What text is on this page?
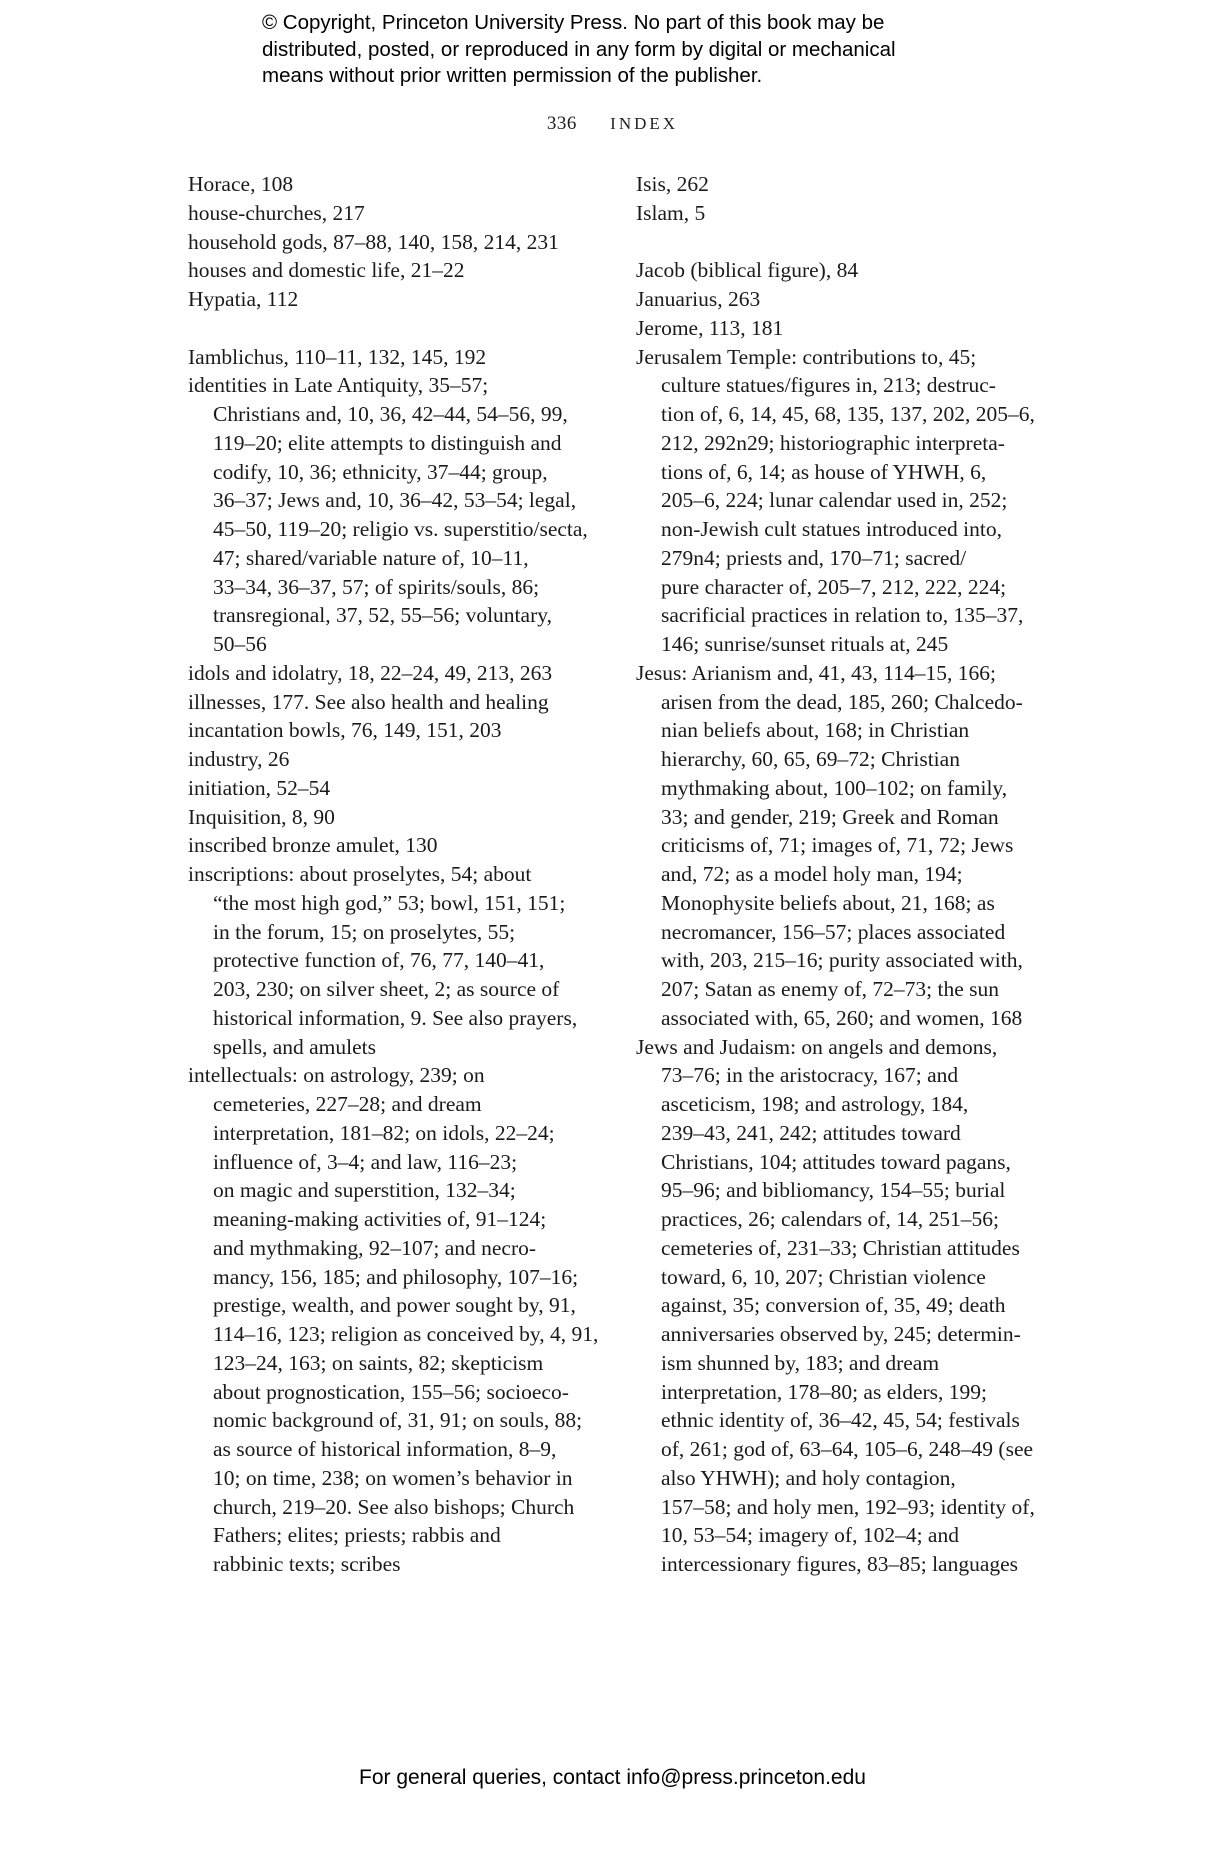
© Copyright, Princeton University Press. No part of this book may be
distributed, posted, or reproduced in any form by digital or mechanical
means without prior written permission of the publisher.
336 INDEX
Horace, 108
house-churches, 217
household gods, 87–88, 140, 158, 214, 231
houses and domestic life, 21–22
Hypatia, 112
Iamblichus, 110–11, 132, 145, 192
identities in Late Antiquity, 35–57;
Christians and, 10, 36, 42–44, 54–56, 99,
119–20; elite attempts to distinguish and
codify, 10, 36; ethnicity, 37–44; group,
36–37; Jews and, 10, 36–42, 53–54; legal,
45–50, 119–20; religio vs. superstitio/secta,
47; shared/variable nature of, 10–11,
33–34, 36–37, 57; of spirits/souls, 86;
transregional, 37, 52, 55–56; voluntary,
50–56
idols and idolatry, 18, 22–24, 49, 213, 263
illnesses, 177. See also health and healing
incantation bowls, 76, 149, 151, 203
industry, 26
initiation, 52–54
Inquisition, 8, 90
inscribed bronze amulet, 130
inscriptions: about proselytes, 54; about
“the most high god,” 53; bowl, 151, 151;
in the forum, 15; on proselytes, 55;
protective function of, 76, 77, 140–41,
203, 230; on silver sheet, 2; as source of
historical information, 9. See also prayers,
spells, and amulets
intellectuals: on astrology, 239; on
cemeteries, 227–28; and dream
interpretation, 181–82; on idols, 22–24;
influence of, 3–4; and law, 116–23;
on magic and superstition, 132–34;
meaning-making activities of, 91–124;
and mythmaking, 92–107; and necro-
mancy, 156, 185; and philosophy, 107–16;
prestige, wealth, and power sought by, 91,
114–16, 123; religion as conceived by, 4, 91,
123–24, 163; on saints, 82; skepticism
about prognostication, 155–56; socioeco-
nomic background of, 31, 91; on souls, 88;
as source of historical information, 8–9,
10; on time, 238; on women’s behavior in
church, 219–20. See also bishops; Church
Fathers; elites; priests; rabbis and
rabbinic texts; scribes
Isis, 262
Islam, 5
Jacob (biblical figure), 84
Januarius, 263
Jerome, 113, 181
Jerusalem Temple: contributions to, 45;
culture statues/figures in, 213; destruc-
tion of, 6, 14, 45, 68, 135, 137, 202, 205–6,
212, 292n29; historiographic interpreta-
tions of, 6, 14; as house of YHWH, 6,
205–6, 224; lunar calendar used in, 252;
non-Jewish cult statues introduced into,
279n4; priests and, 170–71; sacred/
pure character of, 205–7, 212, 222, 224;
sacrificial practices in relation to, 135–37,
146; sunrise/sunset rituals at, 245
Jesus: Arianism and, 41, 43, 114–15, 166;
arisen from the dead, 185, 260; Chalcedo-
nian beliefs about, 168; in Christian
hierarchy, 60, 65, 69–72; Christian
mythmaking about, 100–102; on family,
33; and gender, 219; Greek and Roman
criticisms of, 71; images of, 71, 72; Jews
and, 72; as a model holy man, 194;
Monophysite beliefs about, 21, 168; as
necromancer, 156–57; places associated
with, 203, 215–16; purity associated with,
207; Satan as enemy of, 72–73; the sun
associated with, 65, 260; and women, 168
Jews and Judaism: on angels and demons,
73–76; in the aristocracy, 167; and
asceticism, 198; and astrology, 184,
239–43, 241, 242; attitudes toward
Christians, 104; attitudes toward pagans,
95–96; and bibliomancy, 154–55; burial
practices, 26; calendars of, 14, 251–56;
cemeteries of, 231–33; Christian attitudes
toward, 6, 10, 207; Christian violence
against, 35; conversion of, 35, 49; death
anniversaries observed by, 245; determin-
ism shunned by, 183; and dream
interpretation, 178–80; as elders, 199;
ethnic identity of, 36–42, 45, 54; festivals
of, 261; god of, 63–64, 105–6, 248–49 (see
also YHWH); and holy contagion,
157–58; and holy men, 192–93; identity of,
10, 53–54; imagery of, 102–4; and
intercessionary figures, 83–85; languages
For general queries, contact info@press.princeton.edu
